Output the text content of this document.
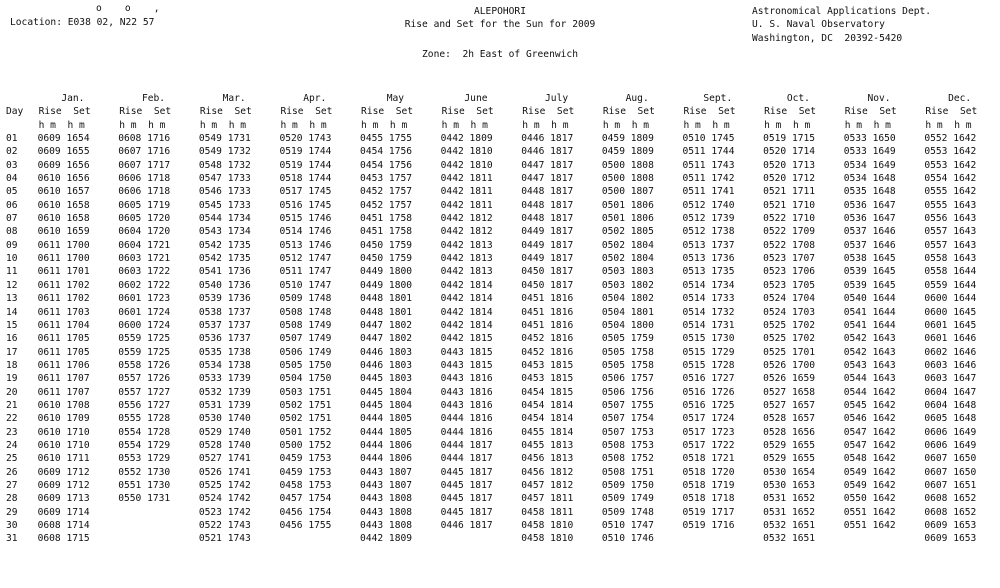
o    o    ,
Location: E038 02, N22 57
ALEPOHORI
Rise and Set for the Sun for 2009
Astronomical Applications Dept.
U. S. Naval Observatory
Washington, DC  20392-5420
Zone:  2h East of Greenwich
	Jan.	Feb.	Mar.	Apr.	May	June	July	Aug.	Sept.	Oct.	Nov.	Dec.
Day	Rise  Set	Rise  Set	Rise  Set	Rise  Set	Rise  Set	Rise  Set	Rise  Set	Rise  Set	Rise  Set	Rise  Set	Rise  Set	Rise  Set
	h m  h m	h m  h m	h m  h m	h m  h m	h m  h m	h m  h m	h m  h m	h m  h m	h m  h m	h m  h m	h m  h m	h m  h m
01	0609 1654	0608 1716	0549 1731	0520 1743	0455 1755	0442 1809	0446 1817	0459 1809	0510 1745	0519 1715	0533 1650	0552 1642
02	0609 1655	0607 1716	0549 1732	0519 1744	0454 1756	0442 1810	0446 1817	0459 1809	0511 1744	0520 1714	0533 1649	0553 1642
03	0609 1656	0607 1717	0548 1732	0519 1744	0454 1756	0442 1810	0447 1817	0500 1808	0511 1743	0520 1713	0534 1649	0553 1642
04	0610 1656	0606 1718	0547 1733	0518 1744	0453 1757	0442 1811	0447 1817	0500 1808	0511 1742	0520 1712	0534 1648	0554 1642
05	0610 1657	0606 1718	0546 1733	0517 1745	0452 1757	0442 1811	0448 1817	0500 1807	0511 1741	0521 1711	0535 1648	0555 1642
06	0610 1658	0605 1719	0545 1733	0516 1745	0452 1757	0442 1811	0448 1817	0501 1806	0512 1740	0521 1710	0536 1647	0555 1643
07	0610 1658	0605 1720	0544 1734	0515 1746	0451 1758	0442 1812	0448 1817	0501 1806	0512 1739	0522 1710	0536 1647	0556 1643
08	0610 1659	0604 1720	0543 1734	0514 1746	0451 1758	0442 1812	0449 1817	0502 1805	0512 1738	0522 1709	0537 1646	0557 1643
09	0611 1700	0604 1721	0542 1735	0513 1746	0450 1759	0442 1813	0449 1817	0502 1804	0513 1737	0522 1708	0537 1646	0557 1643
10	0611 1700	0603 1721	0542 1735	0512 1747	0450 1759	0442 1813	0449 1817	0502 1804	0513 1736	0523 1707	0538 1645	0558 1643
11	0611 1701	0603 1722	0541 1736	0511 1747	0449 1800	0442 1813	0450 1817	0503 1803	0513 1735	0523 1706	0539 1645	0558 1644
12	0611 1702	0602 1722	0540 1736	0510 1747	0449 1800	0442 1814	0450 1817	0503 1802	0514 1734	0523 1705	0539 1645	0559 1644
13	0611 1702	0601 1723	0539 1736	0509 1748	0448 1801	0442 1814	0451 1816	0504 1802	0514 1733	0524 1704	0540 1644	0600 1644
14	0611 1703	0601 1724	0538 1737	0508 1748	0448 1801	0442 1814	0451 1816	0504 1801	0514 1732	0524 1703	0541 1644	0600 1645
15	0611 1704	0600 1724	0537 1737	0508 1749	0447 1802	0442 1814	0451 1816	0504 1800	0514 1731	0525 1702	0541 1644	0601 1645
16	0611 1705	0559 1725	0536 1737	0507 1749	0447 1802	0442 1815	0452 1816	0505 1759	0515 1730	0525 1702	0542 1643	0601 1646
17	0611 1705	0559 1725	0535 1738	0506 1749	0446 1803	0443 1815	0452 1816	0505 1758	0515 1729	0525 1701	0542 1643	0602 1646
18	0611 1706	0558 1726	0534 1738	0505 1750	0446 1803	0443 1815	0453 1815	0505 1758	0515 1728	0526 1700	0543 1643	0603 1646
19	0611 1707	0557 1726	0533 1739	0504 1750	0445 1803	0443 1816	0453 1815	0506 1757	0516 1727	0526 1659	0544 1643	0603 1647
20	0611 1707	0557 1727	0532 1739	0503 1751	0445 1804	0443 1816	0454 1815	0506 1756	0516 1726	0527 1658	0544 1642	0604 1647
21	0610 1708	0556 1727	0531 1739	0502 1751	0445 1804	0443 1816	0454 1814	0507 1755	0516 1725	0527 1657	0545 1642	0604 1648
22	0610 1709	0555 1728	0530 1740	0502 1751	0444 1805	0444 1816	0454 1814	0507 1754	0517 1724	0528 1657	0546 1642	0605 1648
23	0610 1710	0554 1728	0529 1740	0501 1752	0444 1805	0444 1816	0455 1814	0507 1753	0517 1723	0528 1656	0547 1642	0606 1649
24	0610 1710	0554 1729	0528 1740	0500 1752	0444 1806	0444 1817	0455 1813	0508 1753	0517 1722	0529 1655	0547 1642	0606 1649
25	0610 1711	0553 1729	0527 1741	0459 1753	0444 1806	0444 1817	0456 1813	0508 1752	0518 1721	0529 1655	0548 1642	0607 1650
26	0609 1712	0552 1730	0526 1741	0459 1753	0443 1807	0445 1817	0456 1812	0508 1751	0518 1720	0530 1654	0549 1642	0607 1650
27	0609 1712	0551 1730	0525 1742	0458 1753	0443 1807	0445 1817	0457 1812	0509 1750	0518 1719	0530 1653	0549 1642	0607 1651
28	0609 1713	0550 1731	0524 1742	0457 1754	0443 1808	0445 1817	0457 1811	0509 1749	0518 1718	0531 1652	0550 1642	0608 1652
29	0609 1714		0523 1742	0456 1754	0443 1808	0445 1817	0458 1811	0509 1748	0519 1717	0531 1652	0551 1642	0608 1652
30	0608 1714		0522 1743	0456 1755	0443 1808	0446 1817	0458 1810	0510 1747	0519 1716	0532 1651	0551 1642	0609 1653
31	0608 1715		0521 1743		0442 1809		0458 1810	0510 1746		0532 1651		0609 1653
